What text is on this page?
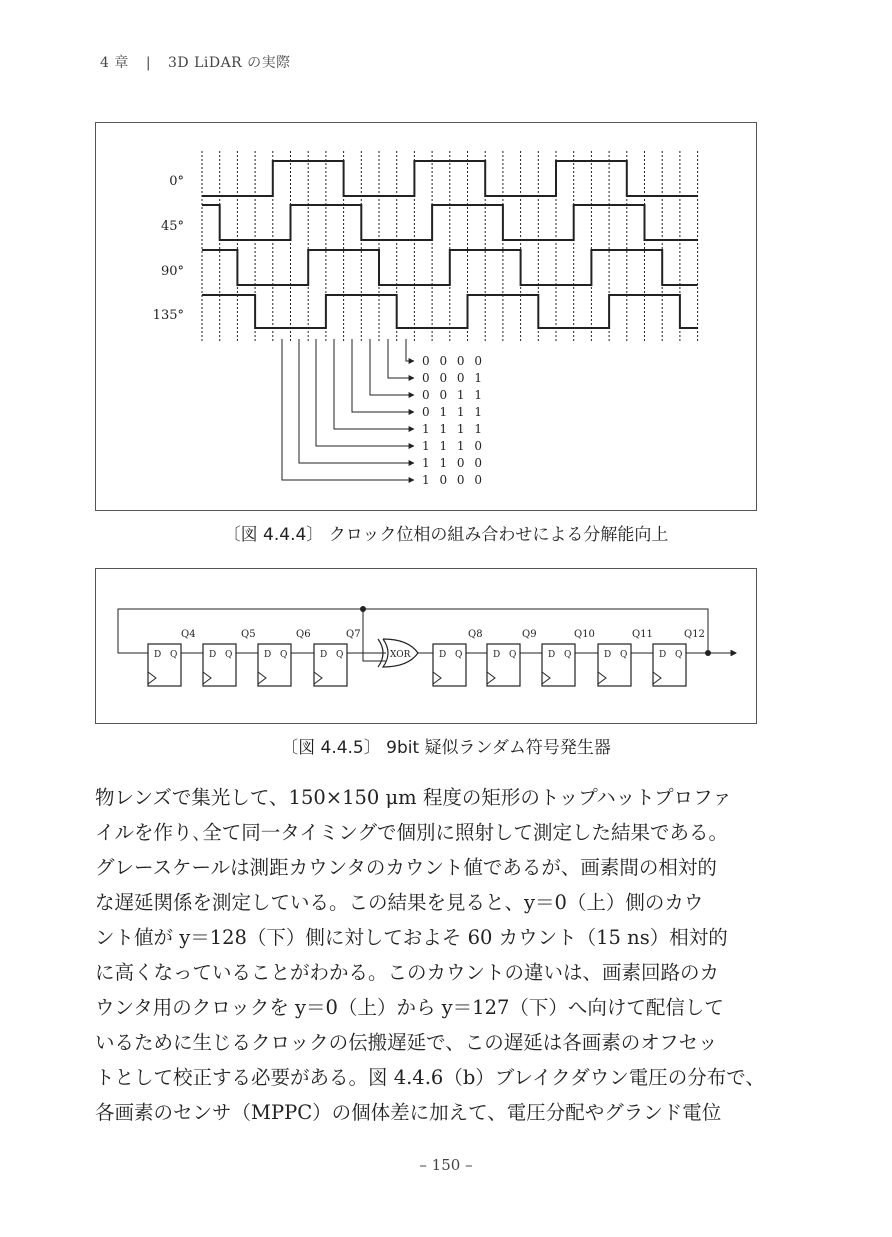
4 章 | 3D LiDAR の実際
0°
45°
90°
135°
0 0 0 0
0 0 0 1
0 0 1 1
0 1 1 1
1 1 1 1
1 1 1 0
1 1 0 0
1 0 0 0
〔図 4.4.4〕 クロック位相の組み合わせによる分解能向上
D Q	D Q	D Q	D Q	D Q	D Q	D Q	D Q	D Q
XOR
Q4	Q5	Q6	Q7	Q8	Q9	Q10	Q11	Q12
〔図 4.4.5〕 9bit 疑似ランダム符号発生器
物レンズで集光して、150×150 μm 程度の矩形のトップハットプロファ
イルを作り､全て同一タイミングで個別に照射して測定した結果である。
グレースケールは測距カウンタのカウント値であるが、画素間の相対的
な遅延関係を測定している。この結果を見ると、y＝0（上）側のカウ
ント値が y＝128（下）側に対しておよそ 60 カウント（15 ns）相対的
に高くなっていることがわかる。このカウントの違いは、画素回路のカ
ウンタ用のクロックを y＝0（上）から y＝127（下）へ向けて配信して
いるために生じるクロックの伝搬遅延で、この遅延は各画素のオフセッ
トとして校正する必要がある。図 4.4.6（b）ブレイクダウン電圧の分布で、
各画素のセンサ（MPPC）の個体差に加えて、電圧分配やグランド電位
– 150 –
